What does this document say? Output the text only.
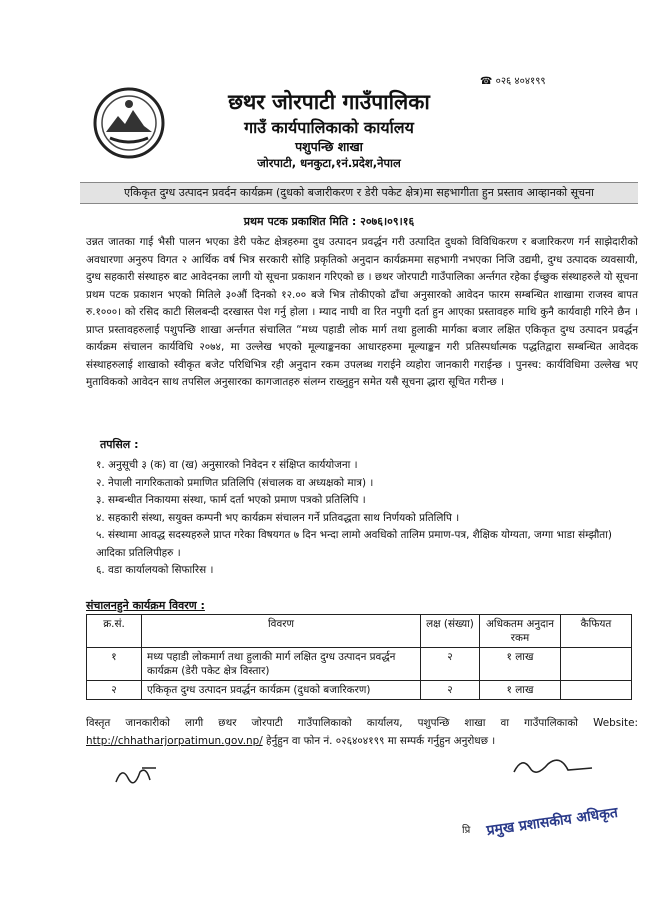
☎ ०२६ ४०४१९९
छथर जोरपाटी गाउँपालिका
गाउँ कार्यपालिकाको कार्यालय
पशुपन्छि शाखा
जोरपाटी, धनकुटा,१नं.प्रदेश,नेपाल
एकिकृत दुग्ध उत्पादन प्रवर्दन कार्यक्रम (दुधको बजारीकरण र डेरी पकेट क्षेत्र)मा सहभागीता हुन प्रस्ताव आव्हानको सूचना
प्रथम पटक प्रकाशित मिति : २०७६।०९।१६
उन्नत जातका गाई भैसी पालन भएका डेरी पकेट क्षेत्रहरुमा दुध उत्पादन प्रवर्द्धन गरी उत्पादित दुधको विविधिकरण र बजारिकरण गर्न साझेदारीको अवधारणा अनुरुप विगत २ आर्थिक वर्ष भित्र सरकारी सोहि प्रकृतिको अनुदान कार्यक्रममा सहभागी नभएका निजि उद्यमी, दुग्ध उत्पादक व्यवसायी, दुग्ध सहकारी संस्थाहरु बाट आवेदनका लागी यो सूचना प्रकाशन गरिएको छ । छथर जोरपाटी गाउँपालिका अर्न्तगत रहेका ईच्छुक संस्थाहरुले यो सूचना प्रथम पटक प्रकाशन भएको मितिले ३०औं दिनको १२.०० बजे भित्र तोकीएको ढाँचा अनुसारको आवेदन फारम सम्बन्धित शाखामा राजस्व बापत रु.१०००। को रसिद काटी सिलबन्दी दरखास्त पेश गर्नु होला । म्याद नाघी वा रित नपुगी दर्ता हुन आएका प्रस्तावहरु माथि कुनै कार्यवाही गरिने छैन । प्राप्त प्रस्तावहरुलाई पशुपन्छि शाखा अर्न्तगत संचालित “मध्य पहाडी लोक मार्ग तथा हुलाकी मार्गका बजार लक्षित एकिकृत दुग्ध उत्पादन प्रवर्द्धन कार्यक्रम संचालन कार्यविधि २०७४, मा उल्लेख भएको मूल्याङ्कनका आधारहरुमा मूल्याङ्कन गरी प्रतिस्पर्धात्मक पद्धतिद्वारा सम्बन्धित आवेदक संस्थाहरुलाई शाखाको स्वीकृत बजेट परिधिभित्र रही अनुदान रकम उपलब्ध गराईने व्यहोरा जानकारी गराईन्छ । पुनस्च: कार्यविधिमा उल्लेख भए मुताविकको आवेदन साथ तपसिल अनुसारका कागजातहरु संलग्न राख्नुहुन समेत यसै सूचना द्धारा सूचित गरीन्छ ।
तपसिल :
१. अनुसूची ३ (क) वा (ख) अनुसारको निवेदन र संक्षिप्त कार्ययोजना ।
२. नेपाली नागरिकताको प्रमाणित प्रतिलिपि (संचालक वा अध्यक्षको मात्र) ।
३. सम्बन्धीत निकायमा संस्था, फार्म दर्ता भएको प्रमाण पत्रको प्रतिलिपि ।
४. सहकारी संस्था, सयुक्त कम्पनी भए कार्यक्रम संचालन गर्ने प्रतिवद्धता साथ निर्णयको प्रतिलिपि ।
५. संस्थामा आवद्ध सदस्यहरुले प्राप्त गरेका विषयगत ७ दिन भन्दा लामो अवधिको तालिम प्रमाण-पत्र, शैक्षिक योग्यता, जग्गा भाडा संम्झौता) आदिका प्रतिलिपीहरु ।
६. वडा कार्यालयको सिफारिस ।
संचालनहुने कार्यक्रम विवरण :
क्र.सं.	विवरण	लक्ष (संख्या)	अधिकतम अनुदान रकम	कैफियत
१	मध्य पहाडी लोकमार्ग तथा हुलाकी मार्ग लक्षित दुग्ध उत्पादन प्रवर्द्धन कार्यक्रम (डेरी पकेट क्षेत्र विस्तार)	२	१ लाख	
२	एकिकृत दुग्ध उत्पादन प्रवर्द्धन कार्यक्रम (दुधको बजारिकरण)	२	१ लाख	
विस्तृत जानकारीको लागी छथर जोरपाटी गाउँपालिकाको कार्यालय, पशुपन्छि शाखा वा गाउँपालिकाको Website: http://chhatharjorpatimun.gov.np/ हेर्नुहुन वा फोन नं. ०२६४०४१९९ मा सम्पर्क गर्नुहुन अनुरोधछ ।
प्रि प्रमुख प्रशासकीय अधिकृत
